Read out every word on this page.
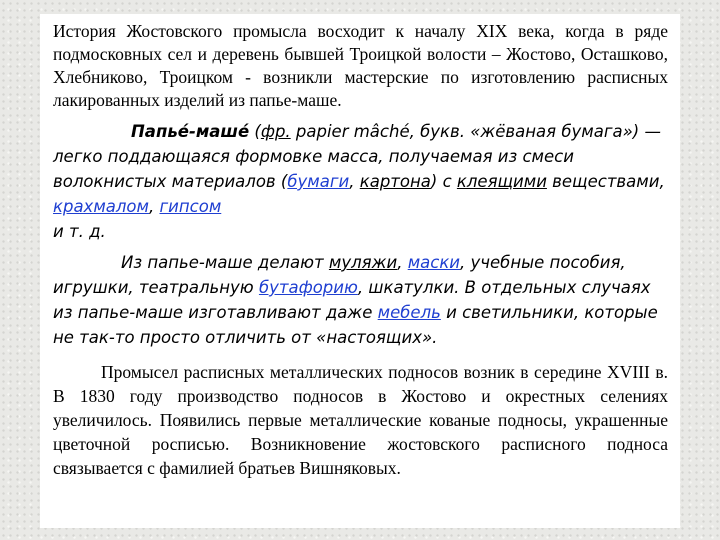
История Жостовского промысла восходит к началу XIX века, когда в ряде подмосковных сел и деревень бывшей Троицкой волости – Жостово, Осташково, Хлебниково, Троицком - возникли мастерские по изготовлению расписных лакированных изделий из папье-маше.

Папье́-маше́ (фр. papier mâché, букв. «жёваная бумага») — легко поддающаяся формовке масса, получаемая из смеси волокнистых материалов (бумаги, картона) с клеящими веществами, крахмалом, гипсом
и т. д.

Из папье-маше делают муляжи, маски, учебные пособия, игрушки, театральную бутафорию, шкатулки. В отдельных случаях из папье-маше изготавливают даже мебель и светильники, которые не так-то просто отличить от «настоящих».

Промысел расписных металлических подносов возник в середине XVIII в. В 1830 году производство подносов в Жостово и окрестных селениях увеличилось. Появились первые металлические кованые подносы, украшенные цветочной росписью. Возникновение жостовского расписного подноса связывается с фамилией братьев Вишняковых.
